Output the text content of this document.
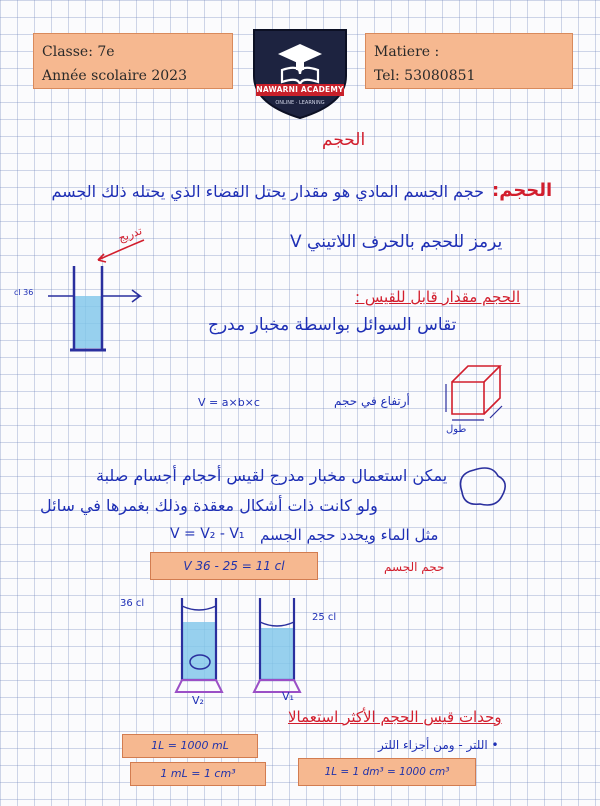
Classe: 7e
Année scolaire 2023
NAWARNI ACADEMY
ONLINE · LEARNING
Matiere :
Tel: 53080851
الحجم
الحجم:
حجم الجسم المادي هو مقدار يحتل الفضاء الذي يحتله ذلك الجسم
يرمز للحجم بالحرف اللاتيني V
تدريج
36 cl	الحجم مقدار قابل للقيس :
تقاس السوائل بواسطة مخبار مدرج
طول
V = a×b×c	أرتفاع في حجم
يمكن استعمال مخبار مدرج لقيس أحجام أجسام صلبة
ولو كانت ذات أشكال معقدة وذلك بغمرها في سائل
مثل الماء ويحدد حجم الجسم
V = V₂ - V₁
V 36 - 25 = 11 cl	حجم الجسم
36 cl
25 cl
V₂	V₁
وحدات قيس الحجم الأكثر استعمالا
• اللتر - ومن أجزاء اللتر
1L = 1000 mL
1 mL = 1 cm³	1L = 1 dm³ = 1000 cm³
